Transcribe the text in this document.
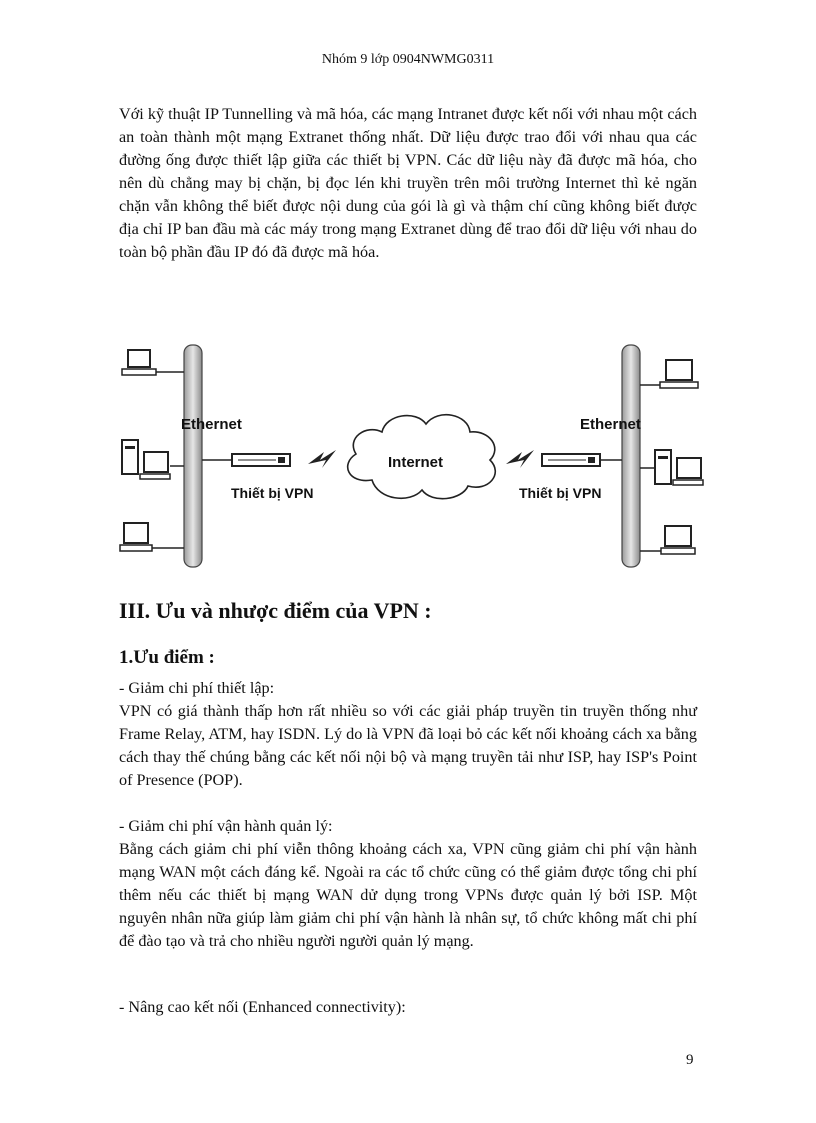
Nhóm 9 lớp 0904NWMG0311
Với kỹ thuật IP Tunnelling và mã hóa, các mạng Intranet được kết nối với nhau một cách an toàn thành một mạng Extranet thống nhất. Dữ liệu được trao đổi với nhau qua các đường ống được thiết lập giữa các thiết bị VPN. Các dữ liệu này đã được mã hóa, cho nên dù chẳng may bị chặn, bị đọc lén khi truyền trên môi trường Internet thì kẻ ngăn chặn vẫn không thể biết được nội dung của gói là gì và thậm chí cũng không biết được địa chỉ IP ban đầu mà các máy trong mạng Extranet dùng để trao đổi dữ liệu với nhau do toàn bộ phần đầu IP đó đã được mã hóa.
Ethernet	Ethernet
Thiết bị VPN
Internet
Thiết bị VPN
III. Ưu và nhược điểm của VPN :
1.Ưu điểm :
- Giảm chi phí thiết lập:
VPN có giá thành thấp hơn rất nhiều so với các giải pháp truyền tin truyền thống như Frame Relay, ATM, hay ISDN. Lý do là VPN đã loại bỏ các kết nối khoảng cách xa bằng cách thay thế chúng bằng các kết nối nội bộ và mạng truyền tải như ISP, hay ISP's Point of Presence (POP).
- Giảm chi phí vận hành quản lý:
Bằng cách giảm chi phí viễn thông khoảng cách xa, VPN cũng giảm chi phí vận hành mạng WAN một cách đáng kể. Ngoài ra các tổ chức cũng có thể giảm được tổng chi phí thêm nếu các thiết bị mạng WAN dử dụng trong VPNs được quản lý bởi ISP. Một nguyên nhân nữa giúp làm giảm chi phí vận hành là nhân sự, tổ chức không mất chi phí để đào tạo và trả cho nhiều người người quản lý mạng.
- Nâng cao kết nối (Enhanced connectivity):
9
